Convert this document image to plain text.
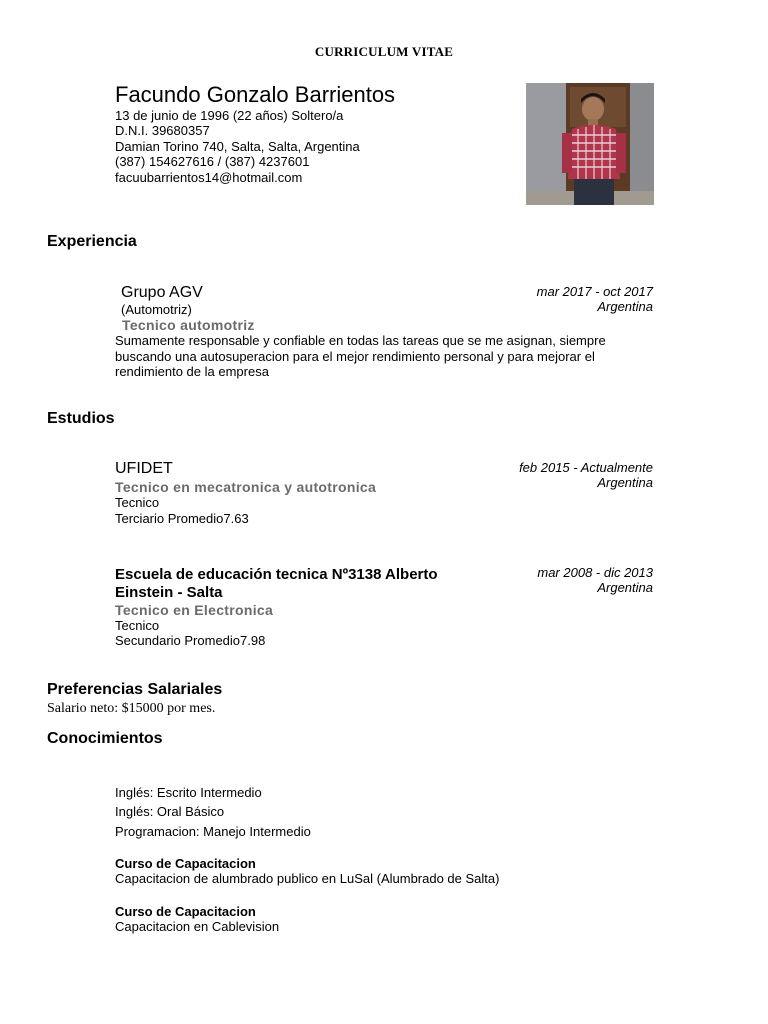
CURRICULUM VITAE
Facundo Gonzalo Barrientos
13 de junio de 1996 (22 años) Soltero/a
D.N.I. 39680357
Damian Torino 740, Salta, Salta, Argentina
(387) 154627616 / (387) 4237601
facuubarrientos14@hotmail.com
Experiencia
Grupo AGV
(Automotriz)
Tecnico automotriz
mar 2017 - oct 2017
Argentina
Sumamente responsable y confiable en todas las tareas que se me asignan, siempre buscando una autosuperacion para el mejor rendimiento personal y para mejorar el rendimiento de la empresa
Estudios
UFIDET
Tecnico en mecatronica y autotronica
Tecnico
Terciario Promedio7.63
feb 2015 - Actualmente
Argentina
Escuela de educación tecnica Nº3138 Alberto
Einstein - Salta
Tecnico en Electronica
Tecnico
Secundario Promedio7.98
mar 2008 - dic 2013
Argentina
Preferencias Salariales
Salario neto: $15000 por mes.
Conocimientos
Inglés: Escrito Intermedio
Inglés: Oral Básico
Programacion: Manejo Intermedio
Curso de Capacitacion
Capacitacion de alumbrado publico en LuSal (Alumbrado de Salta)
Curso de Capacitacion
Capacitacion en Cablevision
